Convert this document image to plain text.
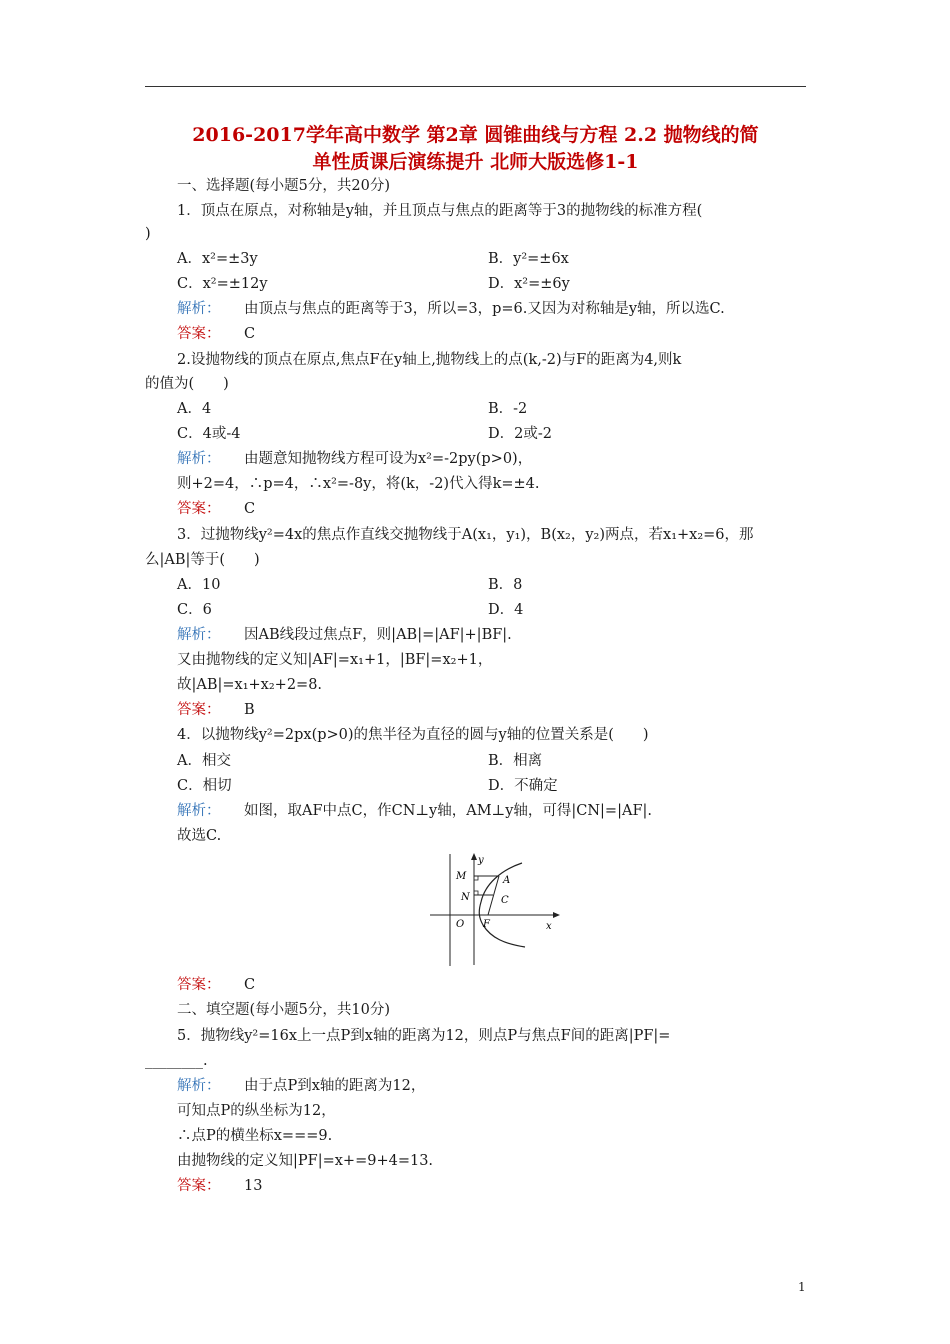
2016-2017学年高中数学 第2章 圆锥曲线与方程 2.2 抛物线的简
单性质课后演练提升 北师大版选修1-1
一、选择题(每小题5分，共20分)
1．顶点在原点，对称轴是y轴，并且顶点与焦点的距离等于3的抛物线的标准方程(
)
A．x²=±3y	B．y²=±6x
C．x²=±12y	D．x²=±6y
解析： 由顶点与焦点的距离等于3，所以=3，p=6.又因为对称轴是y轴，所以选C.
答案： C
2.设抛物线的顶点在原点,焦点F在y轴上,抛物线上的点(k,-2)与F的距离为4,则k
的值为(　　)
A．4	B．-2
C．4或-4	D．2或-2
解析： 由题意知抛物线方程可设为x²=-2py(p>0)，
则+2=4，∴p=4，∴x²=-8y，将(k，-2)代入得k=±4.
答案： C
3．过抛物线y²=4x的焦点作直线交抛物线于A(x₁，y₁)，B(x₂，y₂)两点，若x₁+x₂=6，那
么|AB|等于(　　)
A．10	B．8
C．6	D．4
解析： 因AB线段过焦点F，则|AB|=|AF|+|BF|.
又由抛物线的定义知|AF|=x₁+1，|BF|=x₂+1，
故|AB|=x₁+x₂+2=8.
答案： B
4．以抛物线y²=2px(p>0)的焦半径为直径的圆与y轴的位置关系是(　　)
A．相交	B．相离
C．相切	D．不确定
解析： 如图，取AF中点C，作CN⊥y轴，AM⊥y轴，可得|CN|=|AF|.
故选C.
答案： C
二、填空题(每小题5分，共10分)
5．抛物线y²=16x上一点P到x轴的距离为12，则点P与焦点F间的距离|PF|=
________.
解析： 由于点P到x轴的距离为12，
可知点P的纵坐标为12，
∴点P的横坐标x===9.
由抛物线的定义知|PF|=x+=9+4=13.
答案： 13
y
x
M	A
N	C
O F
1
